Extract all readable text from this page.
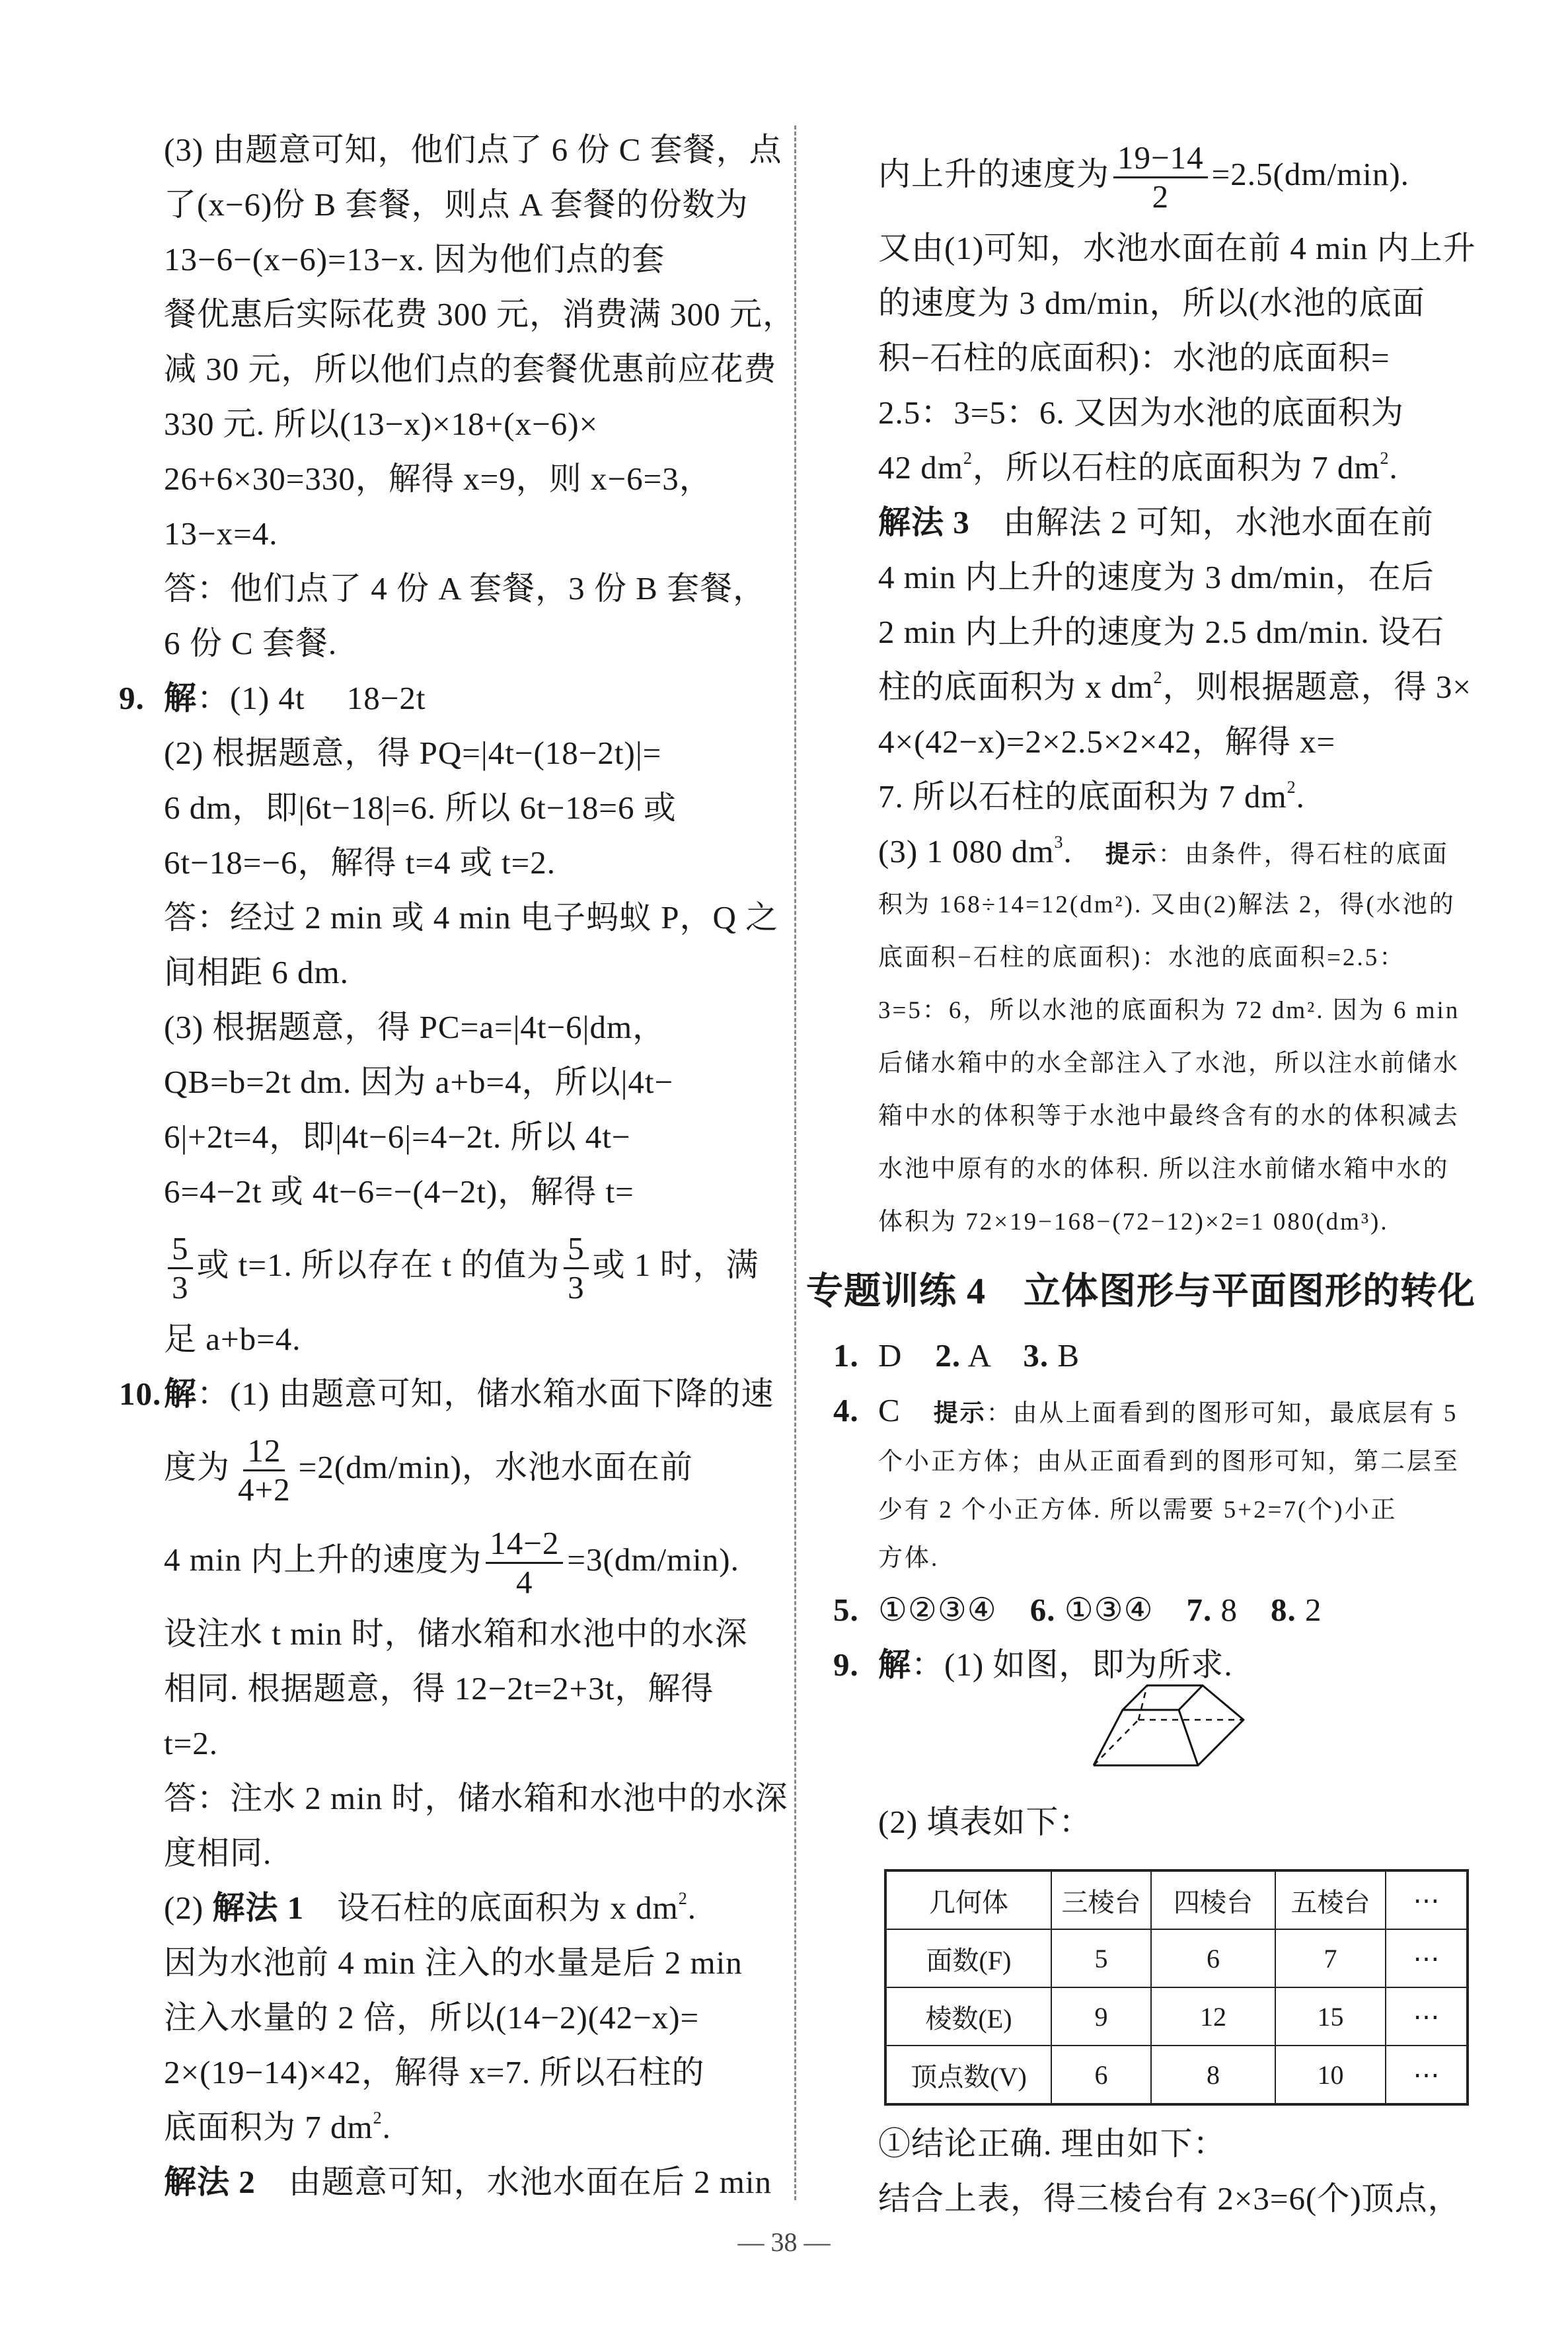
(3) 由题意可知，他们点了 6 份 C 套餐，点
了(x−6)份 B 套餐，则点 A 套餐的份数为
13−6−(x−6)=13−x. 因为他们点的套
餐优惠后实际花费 300 元，消费满 300 元，
减 30 元，所以他们点的套餐优惠前应花费
330 元. 所以(13−x)×18+(x−6)×
26+6×30=330，解得 x=9，则 x−6=3，
13−x=4.
答：他们点了 4 份 A 套餐，3 份 B 套餐，
6 份 C 套餐.
9. 解：(1) 4t　 18−2t
(2) 根据题意，得 PQ=|4t−(18−2t)|=
6 dm，即|6t−18|=6. 所以 6t−18=6 或
6t−18=−6，解得 t=4 或 t=2.
答：经过 2 min 或 4 min 电子蚂蚁 P，Q 之
间相距 6 dm.
(3) 根据题意，得 PC=a=|4t−6|dm，
QB=b=2t dm. 因为 a+b=4，所以|4t−
6|+2t=4，即|4t−6|=4−2t. 所以 4t−
6=4−2t 或 4t−6=−(4−2t)，解得 t=
$\frac{5}{3}$ 或 t=1. 所以存在 t 的值为 $\frac{5}{3}$ 或 1 时，满
足 a+b=4.
10. 解：(1) 由题意可知，储水箱水面下降的速
度为 $\frac{12}{4+2} =2(dm/\min)$，水池水面在前
4 min 内上升的速度为 $\frac{14-2}{4} =3(dm/\min)$.
设注水 t min 时，储水箱和水池中的水深
相同. 根据题意，得 12−2t=2+3t，解得
t=2.
答：注水 2 min 时，储水箱和水池中的水深
度相同.
(2) 解法 1　设石柱的底面积为 x $dm^2$.
因为水池前 4 min 注入的水量是后 2 min
注入水量的 2 倍，所以(14−2)(42−x)=
2×(19−14)×42，解得 x=7. 所以石柱的
底面积为 7 $dm^2$.
解法 2　由题意可知，水池水面在后 2 min
内上升的速度为 $\frac{19-14}{2} =2.5(dm/\min)$.
又由(1)可知，水池水面在前 4 min 内上升
的速度为 3 dm/min，所以(水池的底面
积−石柱的底面积)：水池的底面积=
2.5：3=5：6. 又因为水池的底面积为
42 $dm^2$，所以石柱的底面积为 7 $dm^2$.
解法 3　由解法 2 可知，水池水面在前
4 min 内上升的速度为 3 dm/min，在后
2 min 内上升的速度为 2.5 dm/min. 设石
柱的底面积为 x $dm^2$，则根据题意，得 3×
4×(42−x)=2×2.5×2×42，解得 x=
7. 所以石柱的底面积为 7 $dm^2$.
(3) 1 080 $dm^3$.　提示：由条件，得石柱的底面
积为 168÷14=12(dm²). 又由(2)解法 2，得(水池的
底面积−石柱的底面积)：水池的底面积=2.5：
3=5：6，所以水池的底面积为 72 dm². 因为 6 min
后储水箱中的水全部注入了水池，所以注水前储水
箱中水的体积等于水池中最终含有的水的体积减去
水池中原有的水的体积. 所以注水前储水箱中水的
体积为 72×19−168−(72−12)×2=1 080(dm³).
专题训练 4　立体图形与平面图形的转化
1. D　2. A　3. B
4. C　提示：由从上面看到的图形可知，最底层有 5
个小正方体；由从正面看到的图形可知，第二层至
少有 2 个小正方体. 所以需要 5+2=7(个)小正
方体.
5. ①②③④　6. ①③④　7. 8　8. 2
9. 解：(1) 如图，即为所求.
(2) 填表如下：
几何体	三棱台	四棱台	五棱台	⋯
面数(F)	5	6	7	⋯
棱数(E)	9	12	15	⋯
顶点数(V)	6	8	10	⋯
①结论正确. 理由如下：
结合上表，得三棱台有 2×3=6(个)顶点，
— 38 —
